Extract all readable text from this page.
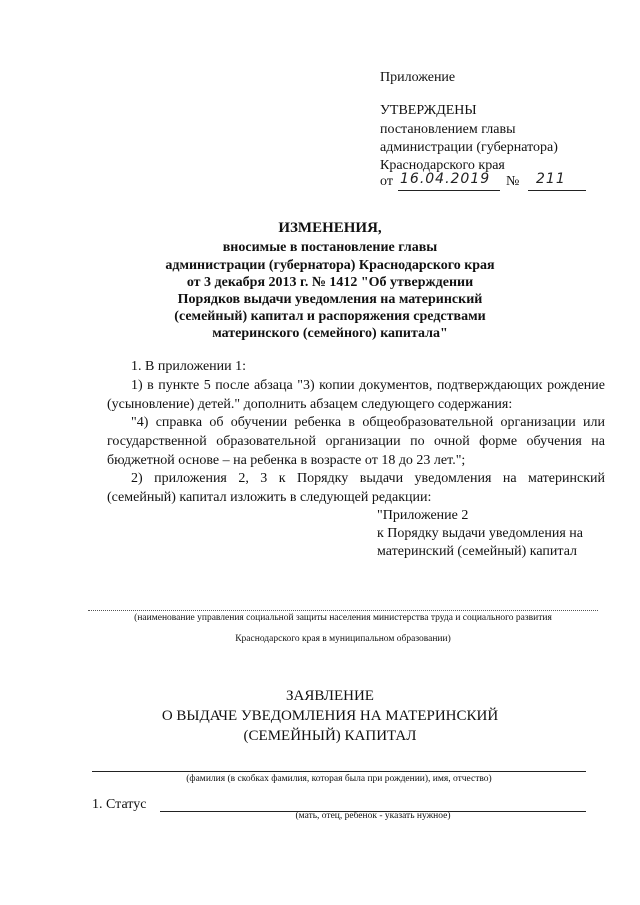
Приложение
УТВЕРЖДЕНЫ
постановлением главы
администрации (губернатора)
Краснодарского края
от 16.04.2019 № 211
ИЗМЕНЕНИЯ,
вносимые в постановление главы
администрации (губернатора) Краснодарского края
от 3 декабря 2013 г. № 1412 "Об утверждении
Порядков выдачи уведомления на материнский
(семейный) капитал и распоряжения средствами
материнского (семейного) капитала"
1. В приложении 1:
1) в пункте 5 после абзаца "3) копии документов, подтверждающих рождение (усыновление) детей." дополнить абзацем следующего содержания:
"4) справка об обучении ребенка в общеобразовательной организации или государственной образовательной организации по очной форме обучения на бюджетной основе – на ребенка в возрасте от 18 до 23 лет.";
2) приложения 2, 3 к Порядку выдачи уведомления на материнский (семейный) капитал изложить в следующей редакции:
"Приложение 2
к Порядку выдачи уведомления на
материнский (семейный) капитал
(наименование управления социальной защиты населения министерства труда и социального развития
Краснодарского края в муниципальном образовании)
ЗАЯВЛЕНИЕ
О ВЫДАЧЕ УВЕДОМЛЕНИЯ НА МАТЕРИНСКИЙ
(СЕМЕЙНЫЙ) КАПИТАЛ
(фамилия (в скобках фамилия, которая была при рождении), имя, отчество)
1. Статус
(мать, отец, ребенок - указать нужное)
